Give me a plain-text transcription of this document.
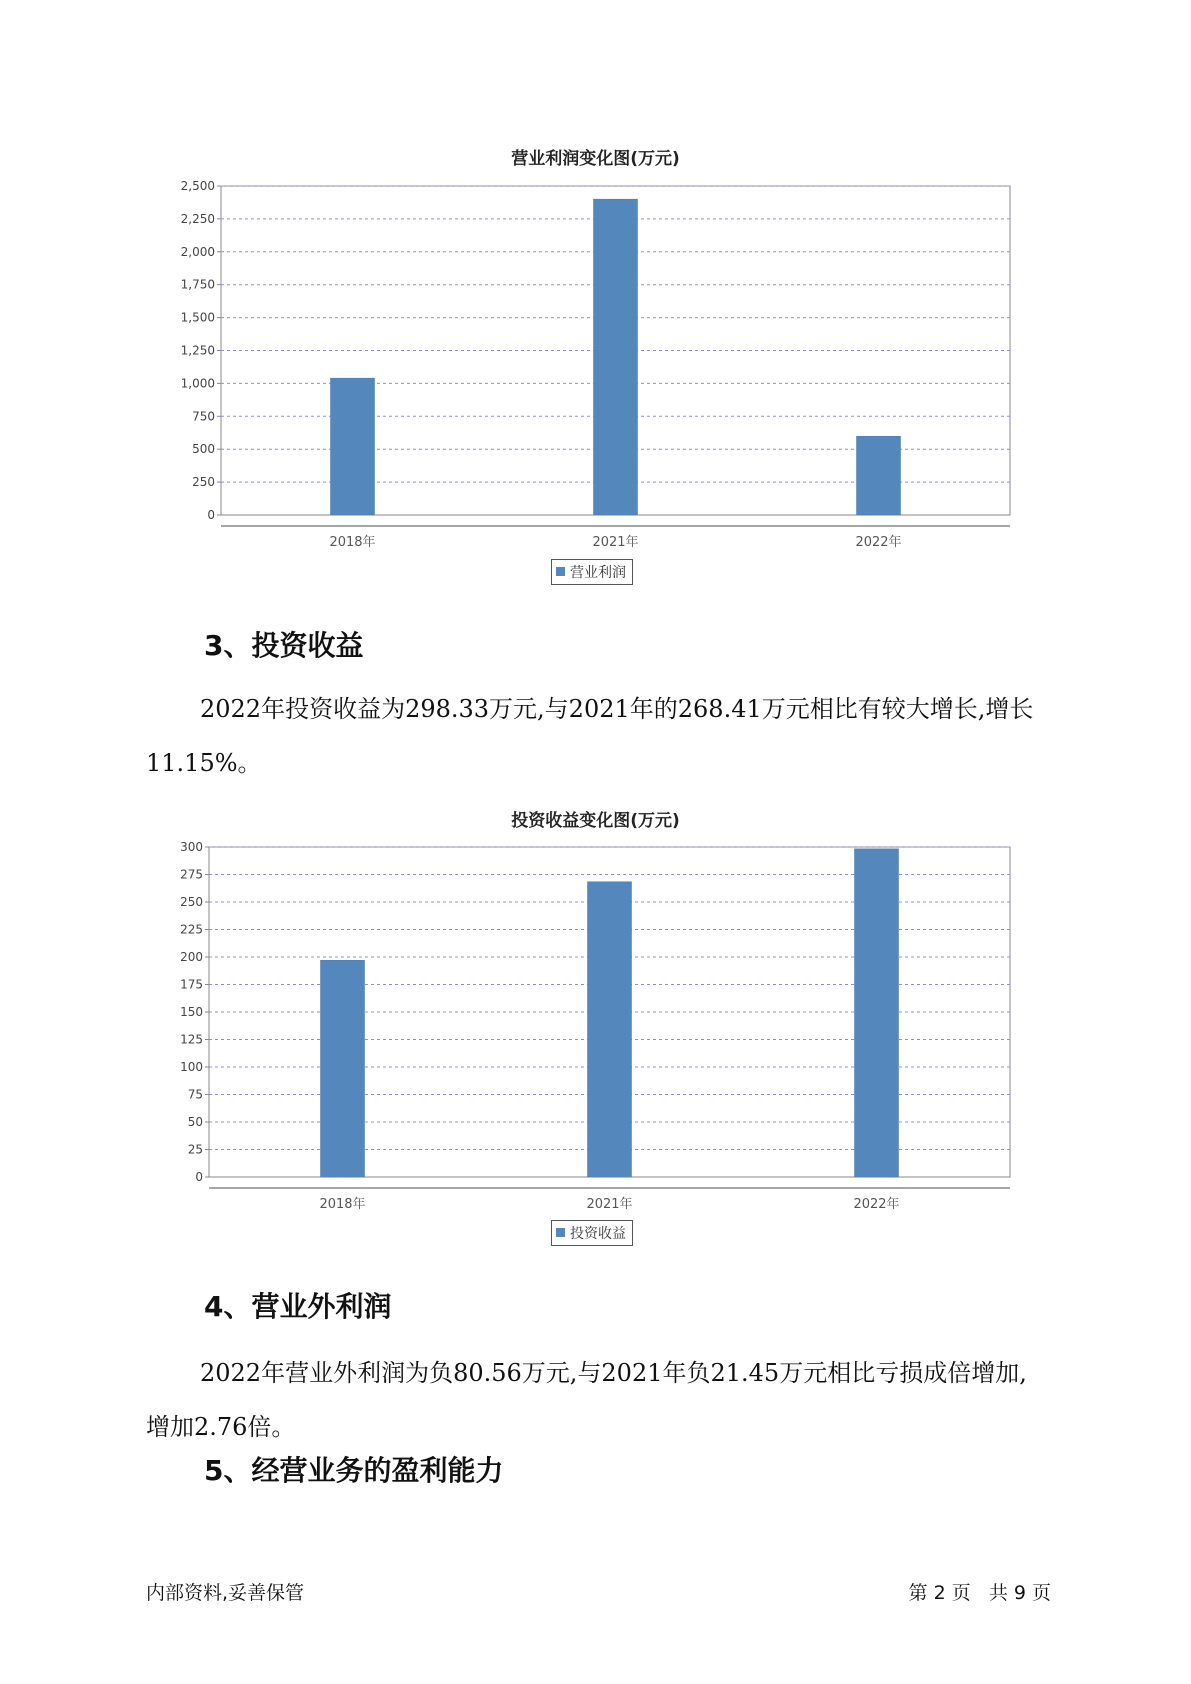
营业利润变化图(万元)
0
250
500
750
1,000
1,250
1,500
1,750
2,000
2,250
2,500
2018年	2021年	2022年
营业利润
3、投资收益
2022年投资收益为298.33万元,与2021年的268.41万元相比有较大增长,增长11.15%。
投资收益变化图(万元)
0
25
50
75
100
125
150
175
200
225
250
275
300
2018年	2021年	2022年
投资收益
4、营业外利润
2022年营业外利润为负80.56万元,与2021年负21.45万元相比亏损成倍增加,增加2.76倍。
5、经营业务的盈利能力
内部资料,妥善保管	第 2 页   共 9 页
